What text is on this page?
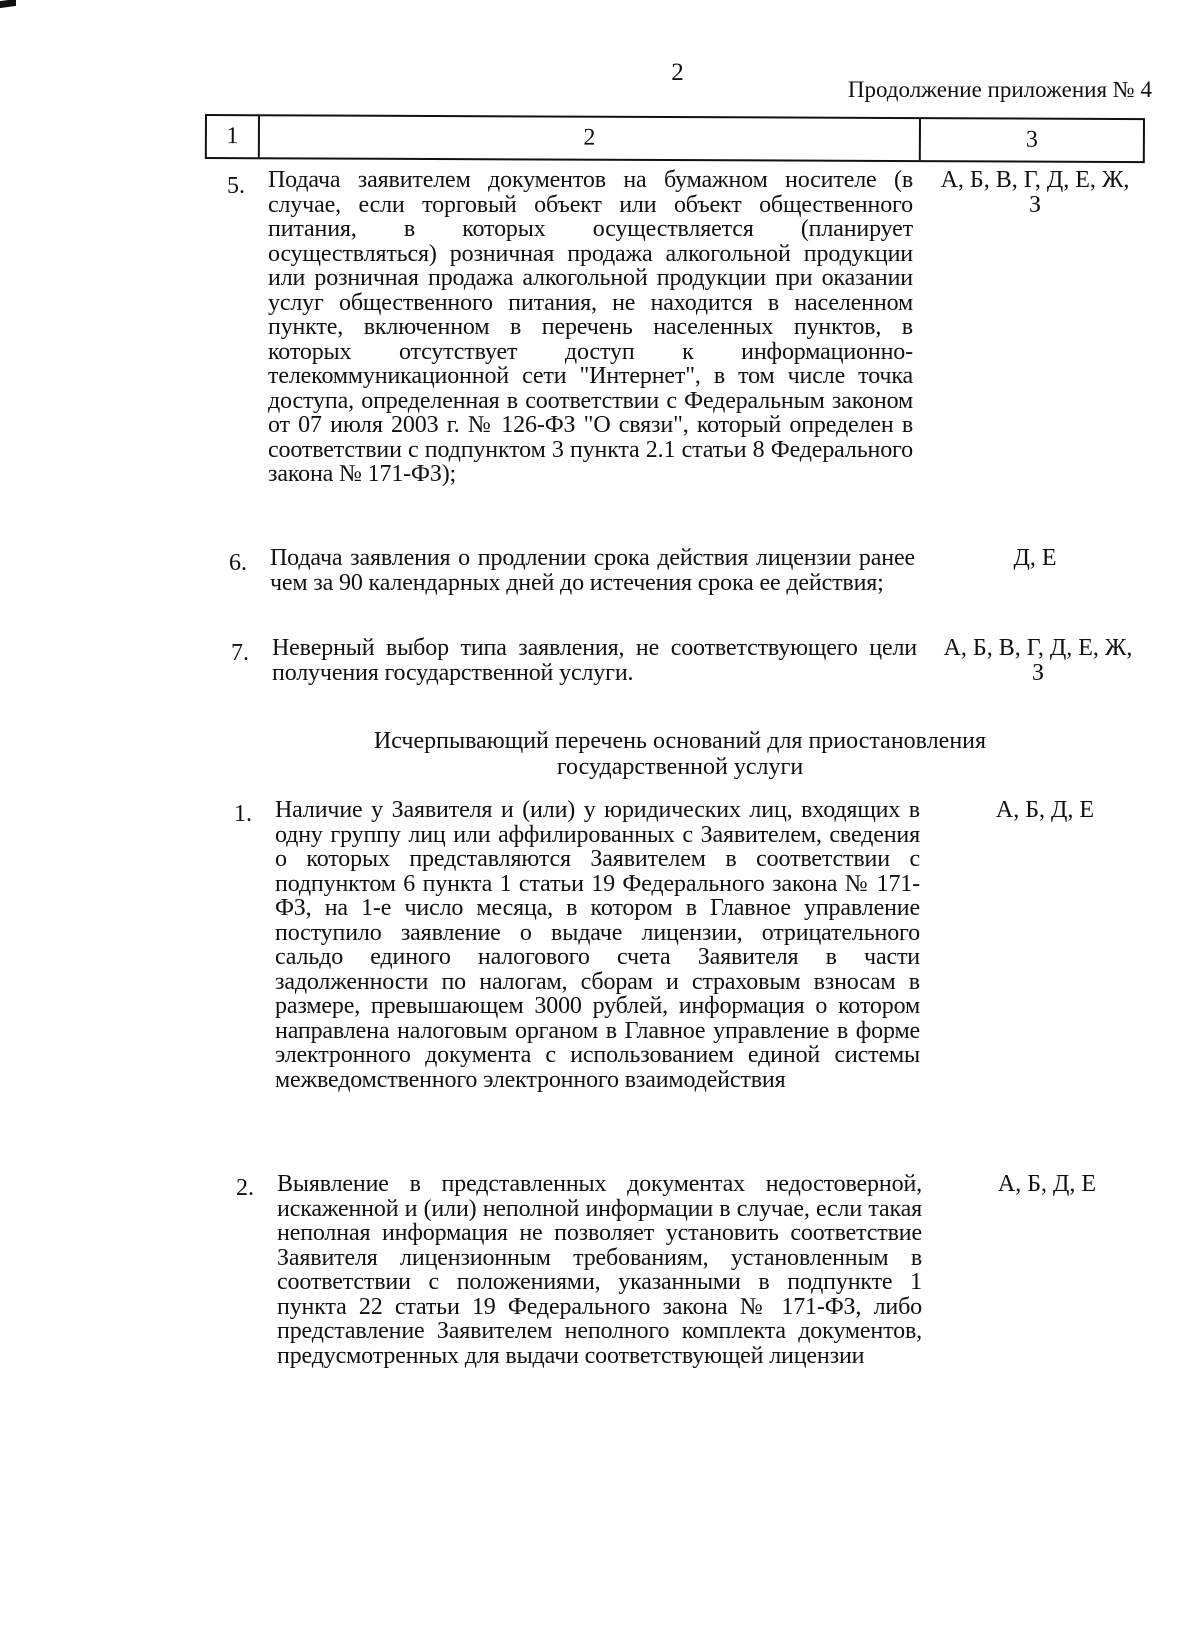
2
Продолжение приложения № 4
1	2	3
5. Подача заявителем документов на бумажном носителе (в случае, если торговый объект или объект общественного питания, в которых осуществляется (планирует осуществляться) розничная продажа алкогольной продукции или розничная продажа алкогольной продукции при оказании услуг общественного питания, не находится в населенном пункте, включенном в перечень населенных пунктов, в которых отсутствует доступ к информационно-телекоммуникационной сети "Интернет", в том числе точка доступа, определенная в соответствии с Федеральным законом от 07 июля 2003 г. № 126-ФЗ "О связи", который определен в соответствии с подпунктом 3 пункта 2.1 статьи 8 Федерального закона № 171-ФЗ);
А, Б, В, Г, Д, Е, Ж, З
6. Подача заявления о продлении срока действия лицензии ранее чем за 90 календарных дней до истечения срока ее действия;
Д, Е
7. Неверный выбор типа заявления, не соответствующего цели получения государственной услуги.
А, Б, В, Г, Д, Е, Ж, З
Исчерпывающий перечень оснований для приостановления государственной услуги
1. Наличие у Заявителя и (или) у юридических лиц, входящих в одну группу лиц или аффилированных с Заявителем, сведения о которых представляются Заявителем в соответствии с подпунктом 6 пункта 1 статьи 19 Федерального закона № 171-ФЗ, на 1-е число месяца, в котором в Главное управление поступило заявление о выдаче лицензии, отрицательного сальдо единого налогового счета Заявителя в части задолженности по налогам, сборам и страховым взносам в размере, превышающем 3000 рублей, информация о котором направлена налоговым органом в Главное управление в форме электронного документа с использованием единой системы межведомственного электронного взаимодействия
А, Б, Д, Е
2. Выявление в представленных документах недостоверной, искаженной и (или) неполной информации в случае, если такая неполная информация не позволяет установить соответствие Заявителя лицензионным требованиям, установленным в соответствии с положениями, указанными в подпункте 1 пункта 22 статьи 19 Федерального закона № 171-ФЗ, либо представление Заявителем неполного комплекта документов, предусмотренных для выдачи соответствующей лицензии
А, Б, Д, Е
